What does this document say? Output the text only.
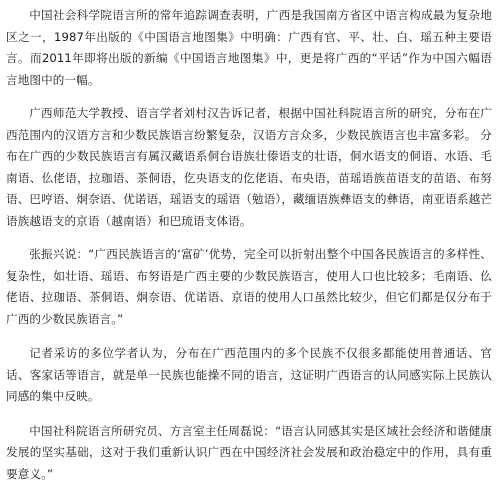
中国社会科学院语言所的常年追踪调查表明，广西是我国南方省区中语言构成最为复杂地区之一，1987年出版的《中国语言地图集》中明确：广西有官、平、壮、白、瑶五种主要语言。而2011年即将出版的新编《中国语言地图集》中，更是将广西的“平话”作为中国六幅语言地图中的一幅。

广西师范大学教授、语言学者刘村汉告诉记者，根据中国社科院语言所的研究，分布在广西范围内的汉语方言和少数民族语言纷繁复杂，汉语方言众多，少数民族语言也丰富多彩。 分布在广西的少数民族语言有属汉藏语系侗台语族壮傣语支的壮语，侗水语支的侗语、水语、毛南语、仫佬语，拉珈语、茶侗语，仡央语支的仡佬语、布央语，苗瑶语族苗语支的苗语、布努语、巴哼语、炯奈语、优诺语，瑶语支的瑶语（勉语），藏缅语族彝语支的彝语，南亚语系越芒语族越语支的京语（越南语）和巴琉语支体语。

张振兴说：“广西民族语言的‘富矿’优势，完全可以折射出整个中国各民族语言的多样性、复杂性，如壮语、瑶语、布努语是广西主要的少数民族语言，使用人口也比较多；毛南语、仫佬语、拉珈语、茶侗语、炯奈语、优诺语、京语的使用人口虽然比较少，但它们都是仅分布于广西的少数民族语言。”

记者采访的多位学者认为，分布在广西范围内的多个民族不仅很多都能使用普通话、官话、客家话等语言，就是单一民族也能操不同的语言，这证明广西语言的认同感实际上民族认同感的集中反映。

中国社科院语言所研究员、方言室主任周磊说：“语言认同感其实是区域社会经济和谐健康发展的坚实基础，这对于我们重新认识广西在中国经济社会发展和政治稳定中的作用，具有重要意义。”
